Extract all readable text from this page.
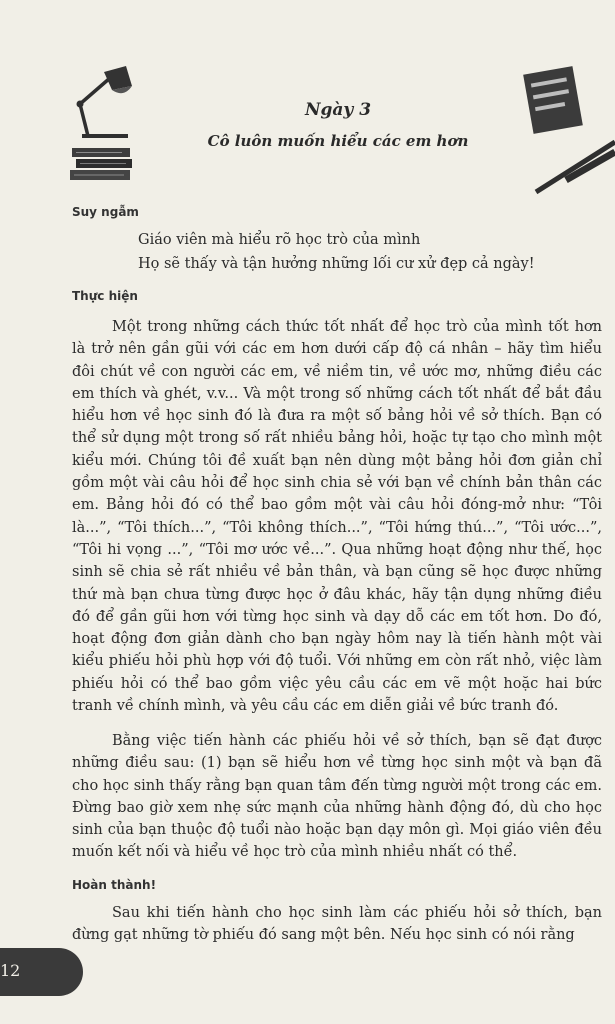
Ngày 3
Cô luôn muốn hiểu các em hơn
Suy ngẫm
Giáo viên mà hiểu rõ học trò của mình
Họ sẽ thấy và tận hưởng những lối cư xử đẹp cả ngày!
Thực hiện

Một trong những cách thức tốt nhất để học trò của mình tốt hơn là trở nên gần gũi với các em hơn dưới cấp độ cá nhân – hãy tìm hiểu đôi chút về con người các em, về niềm tin, về ước mơ, những điều các em thích và ghét, v.v... Và một trong số những cách tốt nhất để bắt đầu hiểu hơn về học sinh đó là đưa ra một số bảng hỏi về sở thích. Bạn có thể sử dụng một trong số rất nhiều bảng hỏi, hoặc tự tạo cho mình một kiểu mới. Chúng tôi đề xuất bạn nên dùng một bảng hỏi đơn giản chỉ gồm một vài câu hỏi để học sinh chia sẻ với bạn về chính bản thân các em. Bảng hỏi đó có thể bao gồm một vài câu hỏi đóng-mở như: “Tôi là...”, “Tôi thích...”, “Tôi không thích...”, “Tôi hứng thú...”, “Tôi ước...”, “Tôi hi vọng ...”, “Tôi mơ ước về...”. Qua những hoạt động như thế, học sinh sẽ chia sẻ rất nhiều về bản thân, và bạn cũng sẽ học được những thứ mà bạn chưa từng được học ở đâu khác, hãy tận dụng những điều đó để gần gũi hơn với từng học sinh và dạy dỗ các em tốt hơn. Do đó, hoạt động đơn giản dành cho bạn ngày hôm nay là tiến hành một vài kiểu phiếu hỏi phù hợp với độ tuổi. Với những em còn rất nhỏ, việc làm phiếu hỏi có thể bao gồm việc yêu cầu các em vẽ một hoặc hai bức tranh về chính mình, và yêu cầu các em diễn giải về bức tranh đó.

Bằng việc tiến hành các phiếu hỏi về sở thích, bạn sẽ đạt được những điều sau: (1) bạn sẽ hiểu hơn về từng học sinh một và bạn đã cho học sinh thấy rằng bạn quan tâm đến từng người một trong các em. Đừng bao giờ xem nhẹ sức mạnh của những hành động đó, dù cho học sinh của bạn thuộc độ tuổi nào hoặc bạn dạy môn gì. Mọi giáo viên đều muốn kết nối và hiểu về học trò của mình nhiều nhất có thể.

Hoàn thành!

Sau khi tiến hành cho học sinh làm các phiếu hỏi sở thích, bạn đừng gạt những tờ phiếu đó sang một bên. Nếu học sinh có nói rằng

12
